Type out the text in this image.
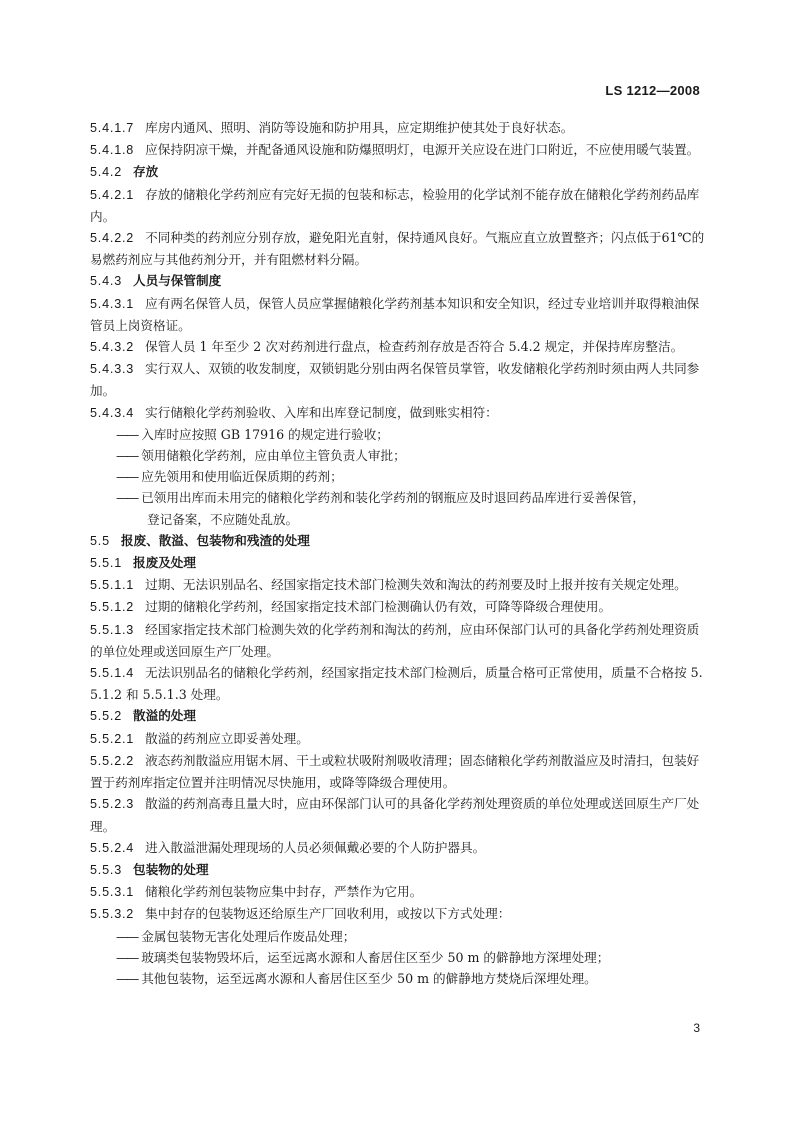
LS 1212—2008
5.4.1.7 库房内通风、照明、消防等设施和防护用具，应定期维护使其处于良好状态。
5.4.1.8 应保持阴凉干燥，并配备通风设施和防爆照明灯，电源开关应设在进门口附近，不应使用暖气装置。
5.4.2 存放
5.4.2.1 存放的储粮化学药剂应有完好无损的包装和标志，检验用的化学试剂不能存放在储粮化学药剂药品库内。
5.4.2.2 不同种类的药剂应分别存放，避免阳光直射，保持通风良好。气瓶应直立放置整齐；闪点低于61℃的易燃药剂应与其他药剂分开，并有阻燃材料分隔。
5.4.3 人员与保管制度
5.4.3.1 应有两名保管人员，保管人员应掌握储粮化学药剂基本知识和安全知识，经过专业培训并取得粮油保管员上岗资格证。
5.4.3.2 保管人员 1 年至少 2 次对药剂进行盘点，检查药剂存放是否符合 5.4.2 规定，并保持库房整洁。
5.4.3.3 实行双人、双锁的收发制度，双锁钥匙分别由两名保管员掌管，收发储粮化学药剂时须由两人共同参加。
5.4.3.4 实行储粮化学药剂验收、入库和出库登记制度，做到账实相符：
—— 入库时应按照 GB 17916 的规定进行验收；
—— 领用储粮化学药剂，应由单位主管负责人审批；
—— 应先领用和使用临近保质期的药剂；
—— 已领用出库而未用完的储粮化学药剂和装化学药剂的钢瓶应及时退回药品库进行妥善保管，
登记备案，不应随处乱放。
5.5 报废、散溢、包装物和残渣的处理
5.5.1 报废及处理
5.5.1.1 过期、无法识别品名、经国家指定技术部门检测失效和淘汰的药剂要及时上报并按有关规定处理。
5.5.1.2 过期的储粮化学药剂，经国家指定技术部门检测确认仍有效，可降等降级合理使用。
5.5.1.3 经国家指定技术部门检测失效的化学药剂和淘汰的药剂，应由环保部门认可的具备化学药剂处理资质的单位处理或送回原生产厂处理。
5.5.1.4 无法识别品名的储粮化学药剂，经国家指定技术部门检测后，质量合格可正常使用，质量不合格按 5.5.1.2 和 5.5.1.3 处理。
5.5.2 散溢的处理
5.5.2.1 散溢的药剂应立即妥善处理。
5.5.2.2 液态药剂散溢应用锯木屑、干土或粒状吸附剂吸收清理；固态储粮化学药剂散溢应及时清扫，包装好置于药剂库指定位置并注明情况尽快施用，或降等降级合理使用。
5.5.2.3 散溢的药剂高毒且量大时，应由环保部门认可的具备化学药剂处理资质的单位处理或送回原生产厂处理。
5.5.2.4 进入散溢泄漏处理现场的人员必须佩戴必要的个人防护器具。
5.5.3 包装物的处理
5.5.3.1 储粮化学药剂包装物应集中封存，严禁作为它用。
5.5.3.2 集中封存的包装物返还给原生产厂回收利用，或按以下方式处理：
—— 金属包装物无害化处理后作废品处理；
—— 玻璃类包装物毁坏后，运至远离水源和人畜居住区至少 50 m 的僻静地方深埋处理；
—— 其他包装物，运至远离水源和人畜居住区至少 50 m 的僻静地方焚烧后深埋处理。
3
